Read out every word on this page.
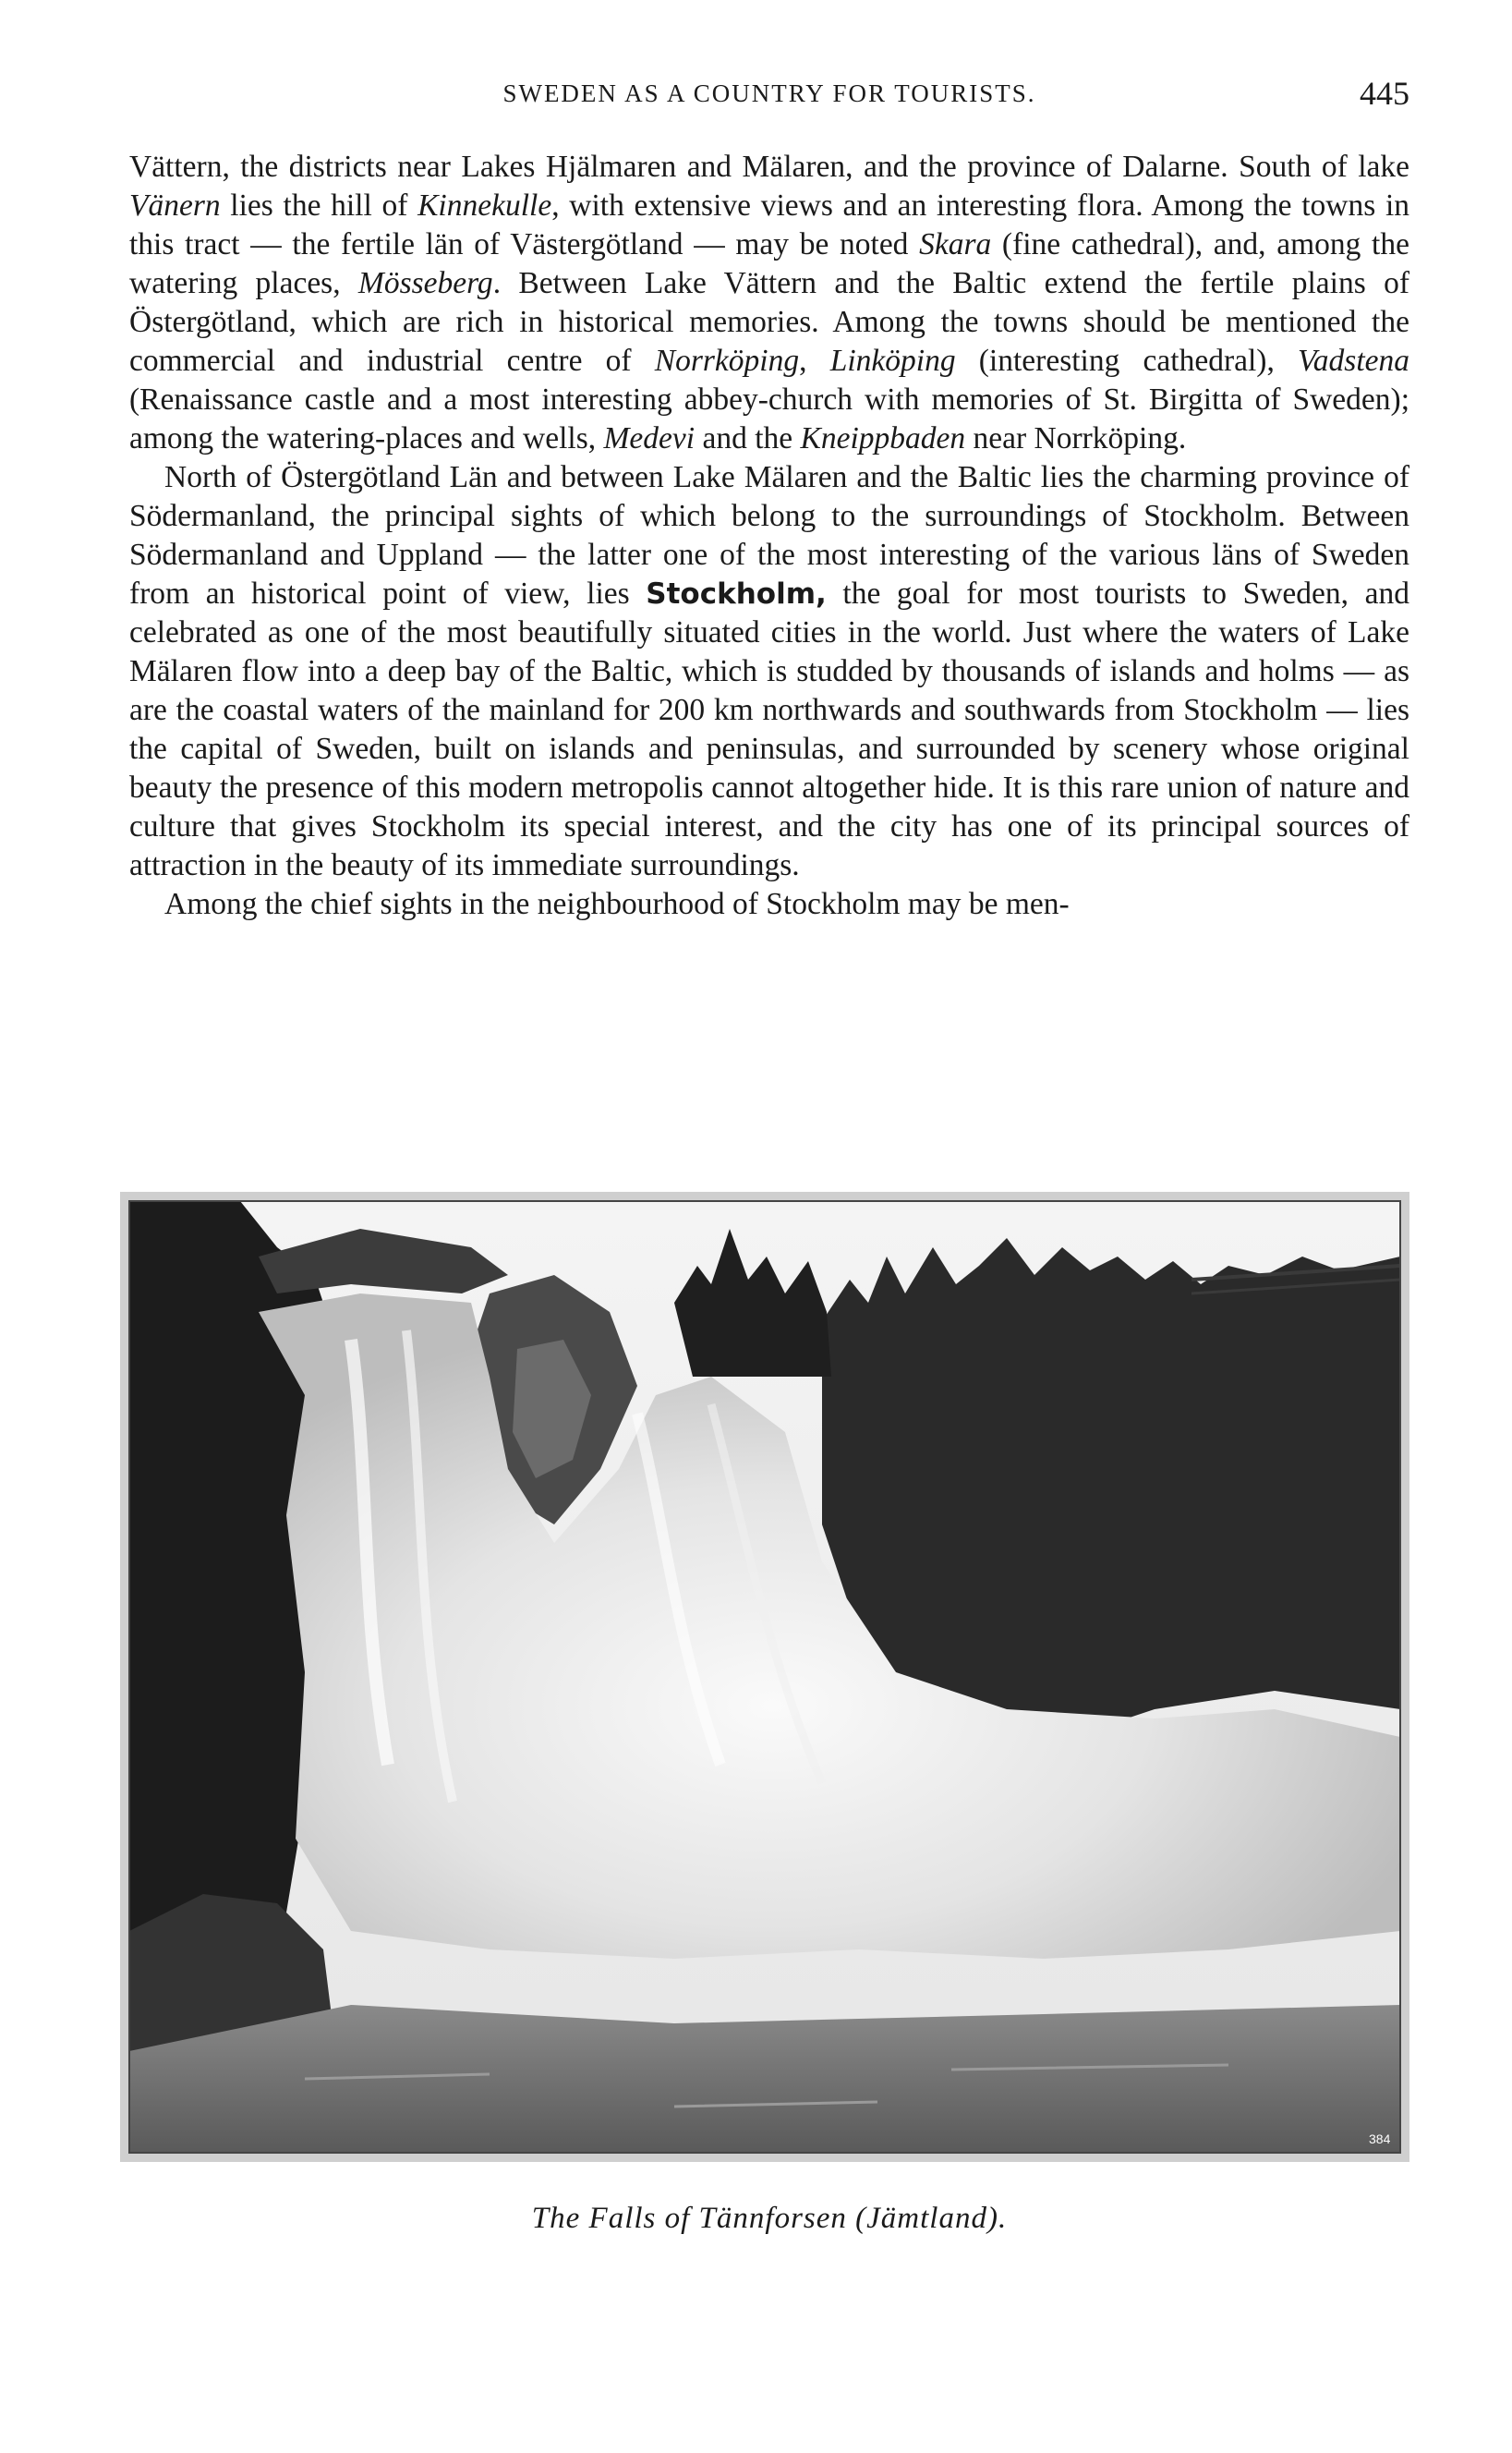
SWEDEN AS A COUNTRY FOR TOURISTS.	445

Vättern, the districts near Lakes Hjälmaren and Mälaren, and the province of Dalarne. South of lake Vänern lies the hill of Kinnekulle, with extensive views and an interesting flora. Among the towns in this tract — the fertile län of Västergötland — may be noted Skara (fine cathedral), and, among the watering places, Mösseberg. Between Lake Vättern and the Baltic extend the fertile plains of Östergötland, which are rich in historical memories. Among the towns should be mentioned the commercial and industrial centre of Norrköping, Linköping (interesting cathedral), Vadstena (Renaissance castle and a most interesting abbey-church with memories of St. Birgitta of Sweden); among the watering-places and wells, Medevi and the Kneippbaden near Norrköping.

North of Östergötland Län and between Lake Mälaren and the Baltic lies the charming province of Södermanland, the principal sights of which belong to the surroundings of Stockholm. Between Södermanland and Uppland — the latter one of the most interesting of the various läns of Sweden from an historical point of view, lies Stockholm, the goal for most tourists to Sweden, and celebrated as one of the most beautifully situated cities in the world. Just where the waters of Lake Mälaren flow into a deep bay of the Baltic, which is studded by thousands of islands and holms — as are the coastal waters of the mainland for 200 km northwards and southwards from Stockholm — lies the capital of Sweden, built on islands and peninsulas, and surrounded by scenery whose original beauty the presence of this modern metropolis cannot altogether hide. It is this rare union of nature and culture that gives Stockholm its special interest, and the city has one of its principal sources of attraction in the beauty of its immediate surroundings.

Among the chief sights in the neighbourhood of Stockholm may be men-

384
The Falls of Tännforsen (Jämtland).
